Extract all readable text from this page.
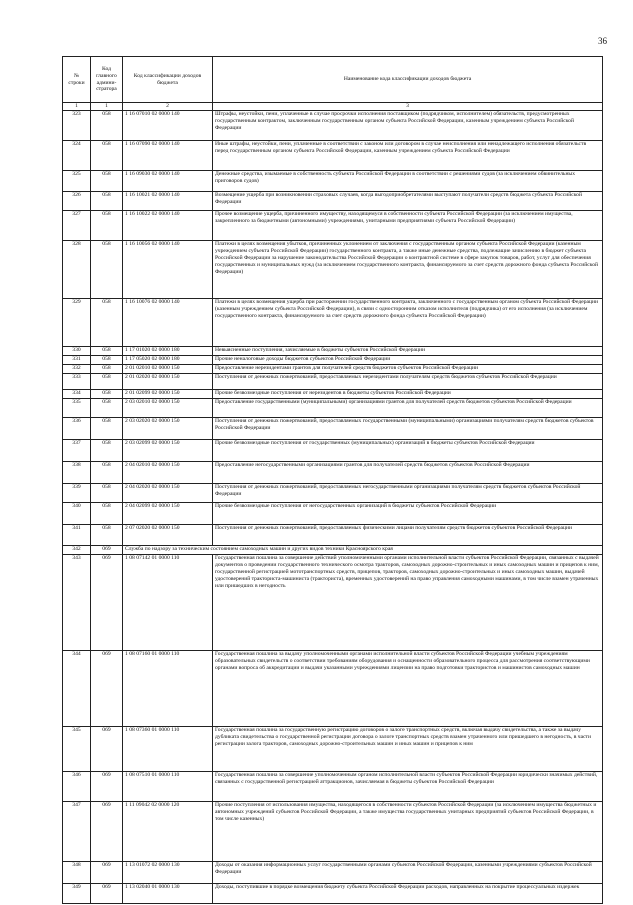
36
№ строки	Код главного админи-стратора	Код классификации доходов бюджета	Наименование кода классификации доходов бюджета
1	1	2	3
323	058	1 16 07010 02 0000 140	Штрафы, неустойки, пени, уплаченные в случае просрочки исполнения поставщиком (подрядчиком, исполнителем) обязательств, предусмотренных государственным контрактом, заключенным государственным органом субъекта Российской Федерации, казенным учреждением субъекта Российской Федерации
324	058	1 16 07090 02 0000 140	Иные штрафы, неустойки, пени, уплаченные в соответствии с законом или договором в случае неисполнения или ненадлежащего исполнения обязательств перед государственным органом субъекта Российской Федерации, казенным учреждением субъекта Российской Федерации
325	058	1 16 09030 02 0000 140	Денежные средства, изымаемые в собственность субъекта Российской Федерации в соответствии с решениями судов (за исключением обвинительных приговоров судов)
326	058	1 16 10021 02 0000 140	Возмещение ущерба при возникновении страховых случаев, когда выгодоприобретателями выступают получатели средств бюджета субъекта Российской Федерации
327	058	1 16 10022 02 0000 140	Прочее возмещение ущерба, причиненного имуществу, находящемуся в собственности субъекта Российской Федерации (за исключением имущества, закрепленного за бюджетными (автономными) учреждениями, унитарными предприятиями субъекта Российской Федерации)
328	058	1 16 10056 02 0000 140	Платежи в целях возмещения убытков, причиненных уклонением от заключения с государственным органом субъекта Российской Федерации (казенным учреждением субъекта Российской Федерации) государственного контракта, а также иные денежные средства, подлежащие зачислению в бюджет субъекта Российской Федерации за нарушение законодательства Российской Федерации о контрактной системе в сфере закупок товаров, работ, услуг для обеспечения государственных и муниципальных нужд (за исключением государственного контракта, финансируемого за счет средств дорожного фонда субъекта Российской Федерации)
329	058	1 16 10076 02 0000 140	Платежи в целях возмещения ущерба при расторжении государственного контракта, заключенного с государственным органом субъекта Российской Федерации (казенным учреждением субъекта Российской Федерации), в связи с односторонним отказом исполнителя (подрядчика) от его исполнения (за исключением государственного контракта, финансируемого за счет средств дорожного фонда субъекта Российской Федерации)
330	058	1 17 01020 02 0000 180	Невыясненные поступления, зачисляемые в бюджеты субъектов Российской Федерации
331	058	1 17 05020 02 0000 180	Прочие неналоговые доходы бюджетов субъектов Российской Федерации
332	058	2 01 02010 02 0000 150	Предоставление нерезидентами грантов для получателей средств бюджетов субъектов Российской Федерации
333	058	2 01 02020 02 0000 150	Поступления от денежных пожертвований, предоставляемых нерезидентами получателям средств бюджетов субъектов Российской Федерации
334	058	2 01 02099 02 0000 150	Прочие безвозмездные поступления от нерезидентов в бюджеты субъектов Российской Федерации
335	058	2 03 02010 02 0000 150	Предоставление государственными (муниципальными) организациями грантов для получателей средств бюджетов субъектов Российской Федерации
336	058	2 03 02020 02 0000 150	Поступления от денежных пожертвований, предоставляемых государственными (муниципальными) организациями получателям средств бюджетов субъектов Российской Федерации
337	058	2 03 02099 02 0000 150	Прочие безвозмездные поступления от государственных (муниципальных) организаций в бюджеты субъектов Российской Федерации
338	058	2 04 02010 02 0000 150	Предоставление негосударственными организациями грантов для получателей средств бюджетов субъектов Российской Федерации
339	058	2 04 02020 02 0000 150	Поступления от денежных пожертвований, предоставляемых негосударственными организациями получателям средств бюджетов субъектов Российской Федерации
340	058	2 04 02099 02 0000 150	Прочие безвозмездные поступления от негосударственных организаций в бюджеты субъектов Российской Федерации
341	058	2 07 02020 02 0000 150	Поступления от денежных пожертвований, предоставляемых физическими лицами получателям средств бюджетов субъектов Российской Федерации
342	069	Служба по надзору за техническим состоянием самоходных машин и других видов техники Красноярского края	
343	069	1 08 07142 01 0000 110	Государственная пошлина за совершение действий уполномоченными органами исполнительной власти субъектов Российской Федерации, связанных с выдачей документов о проведении государственного технического осмотра тракторов, самоходных дорожно-строительных и иных самоходных машин и прицепов к ним, государственной регистрацией мототранспортных средств, прицепов, тракторов, самоходных дорожно-строительных и иных самоходных машин, выдачей удостоверений тракториста-машиниста (тракториста), временных удостоверений на право управления самоходными машинами, в том числе взамен утраченных или пришедших в негодность
344	069	1 08 07160 01 0000 110	Государственная пошлина за выдачу уполномоченными органами исполнительной власти субъектов Российской Федерации учебным учреждениям образовательных свидетельств о соответствии требованиям оборудования и оснащенности образовательного процесса для рассмотрения соответствующими органами вопроса об аккредитации и выдачи указанными учреждениями лицензии на право подготовки трактористов и машинистов самоходных машин
345	069	1 08 07360 01 0000 110	Государственная пошлина за государственную регистрацию договоров о залоге транспортных средств, включая выдачу свидетельства, а также за выдачу дубликата свидетельства о государственной регистрации договора о залоге транспортных средств взамен утраченного или пришедшего в негодность, в части регистрации залога тракторов, самоходных дорожно-строительных машин и иных машин и прицепов к ним
346	069	1 08 07510 01 0000 110	Государственная пошлина за совершение уполномоченным органом исполнительной власти субъектов Российской Федерации юридически значимых действий, связанных с государственной регистрацией аттракционов, зачисляемая в бюджеты субъектов Российской Федерации
347	069	1 11 09042 02 0000 120	Прочие поступления от использования имущества, находящегося в собственности субъектов Российской Федерации (за исключением имущества бюджетных и автономных учреждений субъектов Российской Федерации, а также имущества государственных унитарных предприятий субъектов Российской Федерации, в том числе казенных)
348	069	1 13 01072 02 0000 130	Доходы от оказания информационных услуг государственными органами субъектов Российской Федерации, казенными учреждениями субъектов Российской Федерации
349	069	1 13 02040 01 0000 130	Доходы, поступившие в порядке возмещения бюджету субъекта Российской Федерации расходов, направленных на покрытие процессуальных издержек
